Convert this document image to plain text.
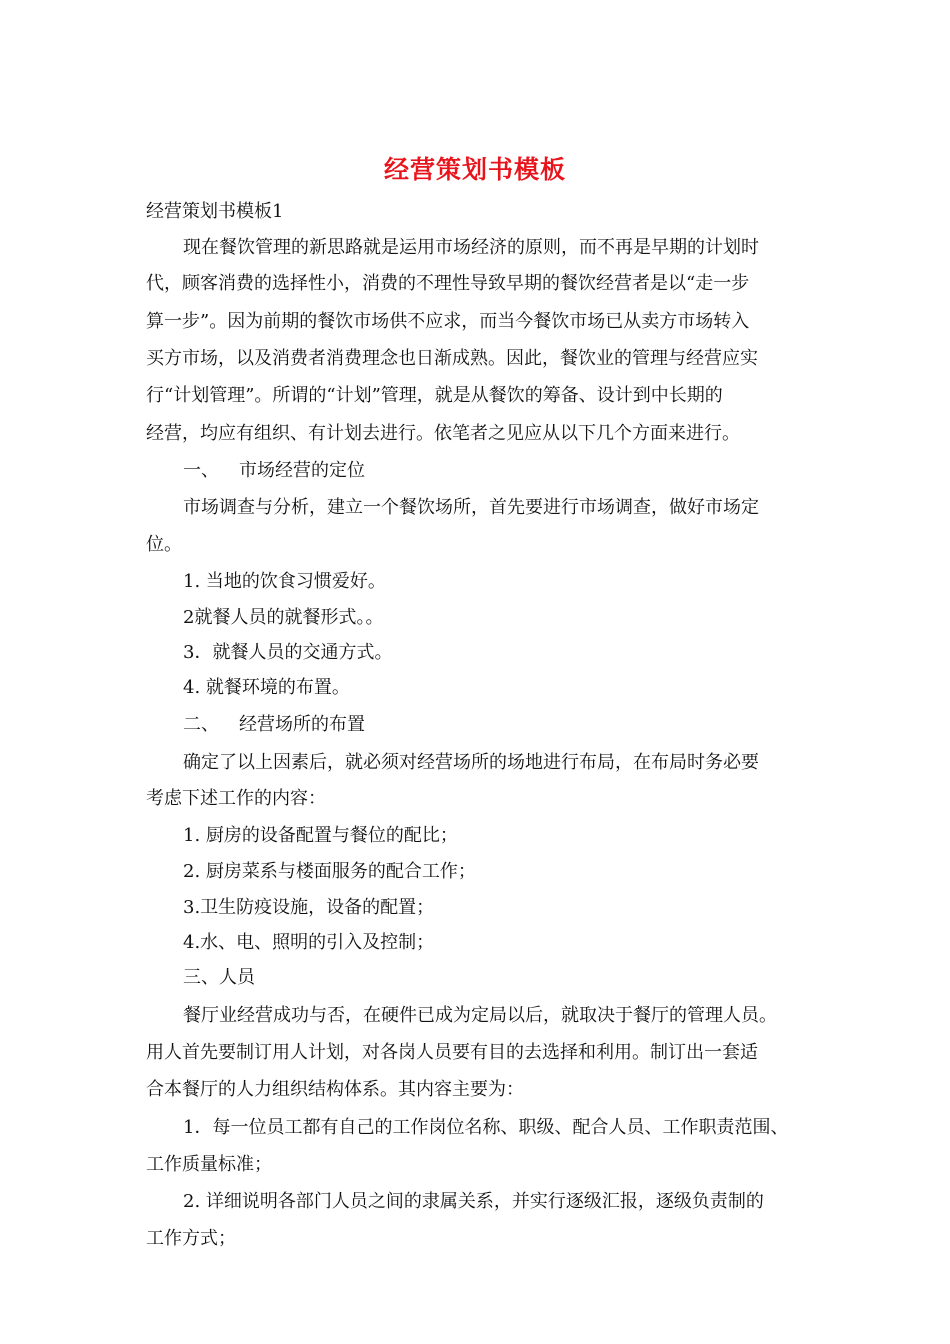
经营策划书模板
经营策划书模板1
现在餐饮管理的新思路就是运用市场经济的原则，而不再是早期的计划时
代，顾客消费的选择性小，消费的不理性导致早期的餐饮经营者是以“走一步
算一步”。因为前期的餐饮市场供不应求，而当今餐饮市场已从卖方市场转入
买方市场，以及消费者消费理念也日渐成熟。因此，餐饮业的管理与经营应实
行“计划管理”。所谓的“计划”管理，就是从餐饮的筹备、设计到中长期的
经营，均应有组织、有计划去进行。依笔者之见应从以下几个方面来进行。
一、 市场经营的定位
市场调查与分析，建立一个餐饮场所，首先要进行市场调查，做好市场定
位。
1. 当地的饮食习惯爱好。
2就餐人员的就餐形式。。
3．就餐人员的交通方式。
4. 就餐环境的布置。
二、 经营场所的布置
确定了以上因素后，就必须对经营场所的场地进行布局，在布局时务必要
考虑下述工作的内容：
1. 厨房的设备配置与餐位的配比；
2. 厨房菜系与楼面服务的配合工作；
3.卫生防疫设施，设备的配置；
4.水、电、照明的引入及控制；
三、人员
餐厅业经营成功与否，在硬件已成为定局以后，就取决于餐厅的管理人员。
用人首先要制订用人计划，对各岗人员要有目的去选择和利用。制订出一套适
合本餐厅的人力组织结构体系。其内容主要为：
1．每一位员工都有自己的工作岗位名称、职级、配合人员、工作职责范围、
工作质量标准；
2. 详细说明各部门人员之间的隶属关系，并实行逐级汇报，逐级负责制的
工作方式；
